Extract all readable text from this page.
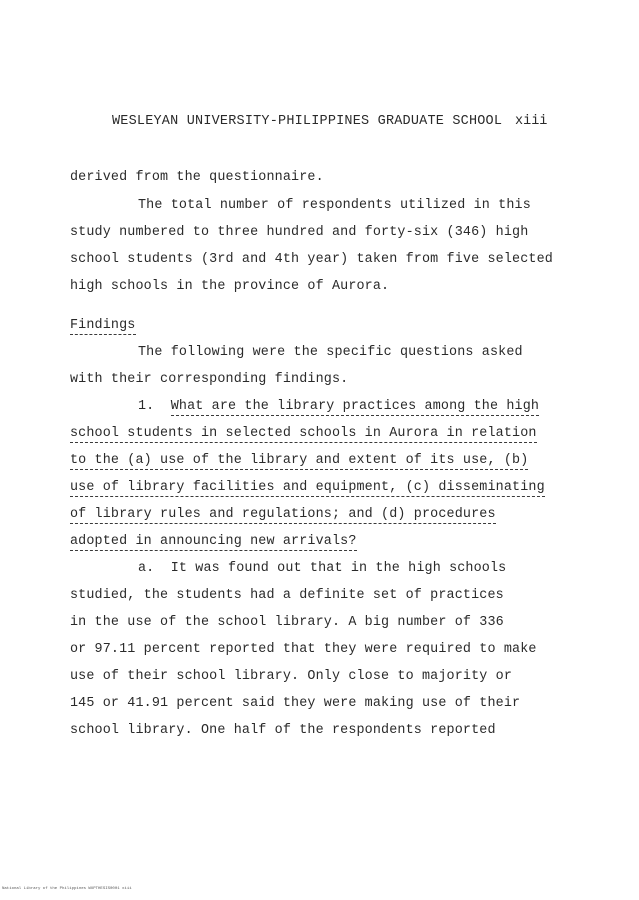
WESLEYAN UNIVERSITY-PHILIPPINES GRADUATE SCHOOL xiii
derived from the questionnaire.
The total number of respondents utilized in this
study numbered to three hundred and forty-six (346) high
school students (3rd and 4th year) taken from five selected
high schools in the province of Aurora.
Findings
The following were the specific questions asked
with their corresponding findings.
1. What are the library practices among the high
school students in selected schools in Aurora in relation
to the (a) use of the library and extent of its use, (b)
use of library facilities and equipment, (c) disseminating
of library rules and regulations; and (d) procedures
adopted in announcing new arrivals?
a. It was found out that in the high schools
studied, the students had a definite set of practices
in the use of the school library. A big number of 336
or 97.11 percent reported that they were required to make
use of their school library. Only close to majority or
145 or 41.91 percent said they were making use of their
school library. One half of the respondents reported
National Library of the Philippines WUPTHESIS0001 xiii
